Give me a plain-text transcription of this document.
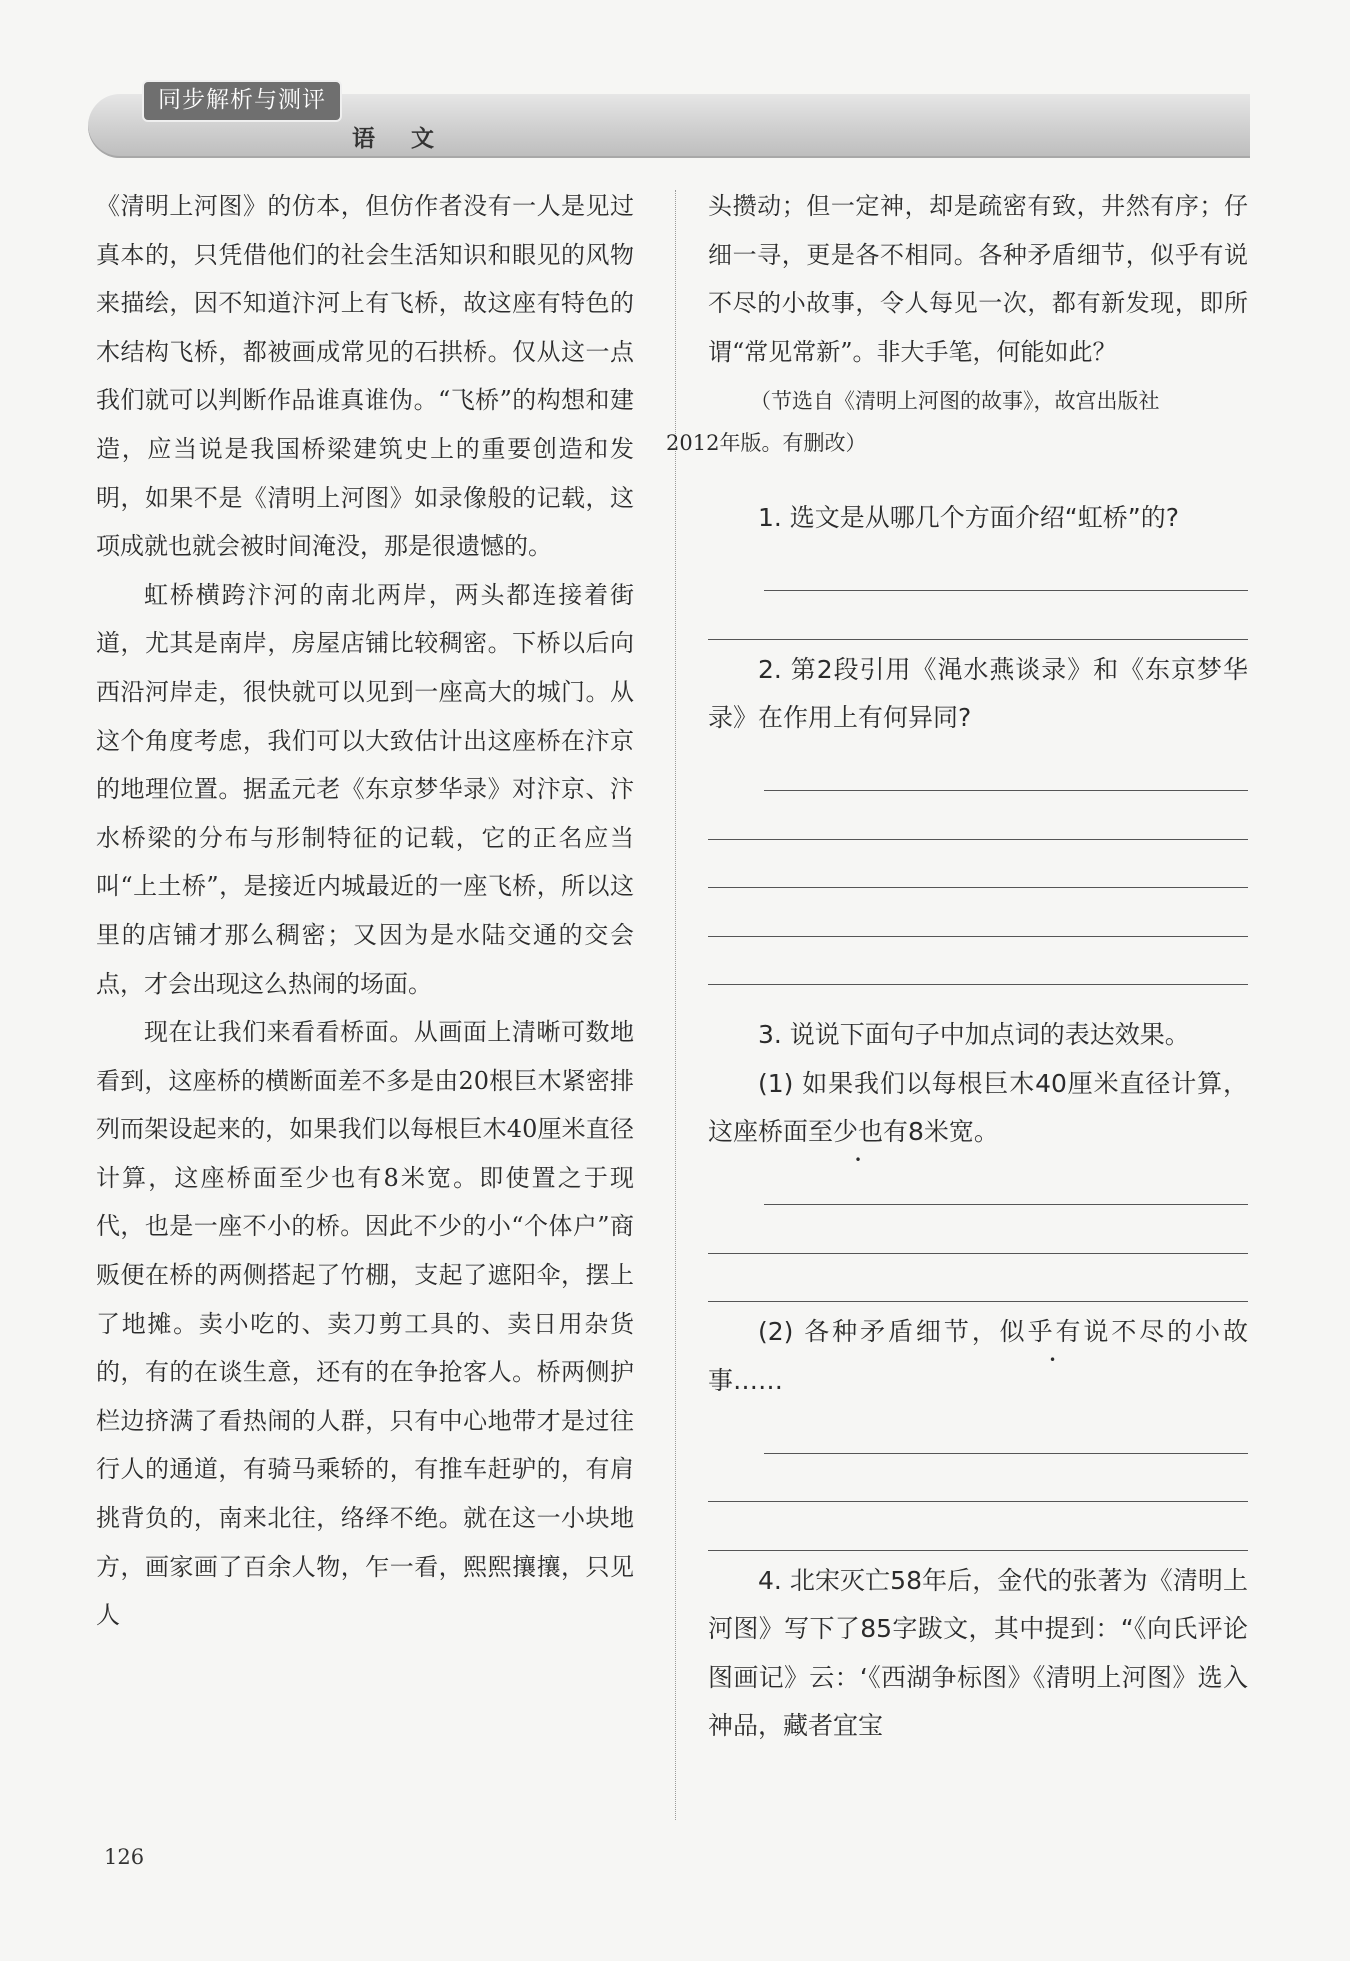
同步解析与测评
语 文

《清明上河图》的仿本，但仿作者没有一人是见过真本的，只凭借他们的社会生活知识和眼见的风物来描绘，因不知道汴河上有飞桥，故这座有特色的木结构飞桥，都被画成常见的石拱桥。仅从这一点我们就可以判断作品谁真谁伪。“飞桥”的构想和建造，应当说是我国桥梁建筑史上的重要创造和发明，如果不是《清明上河图》如录像般的记载，这项成就也就会被时间淹没，那是很遗憾的。

虹桥横跨汴河的南北两岸，两头都连接着街道，尤其是南岸，房屋店铺比较稠密。下桥以后向西沿河岸走，很快就可以见到一座高大的城门。从这个角度考虑，我们可以大致估计出这座桥在汴京的地理位置。据孟元老《东京梦华录》对汴京、汴水桥梁的分布与形制特征的记载，它的正名应当叫“上土桥”，是接近内城最近的一座飞桥，所以这里的店铺才那么稠密；又因为是水陆交通的交会点，才会出现这么热闹的场面。

现在让我们来看看桥面。从画面上清晰可数地看到，这座桥的横断面差不多是由20根巨木紧密排列而架设起来的，如果我们以每根巨木40厘米直径计算，这座桥面至少也有8米宽。即使置之于现代，也是一座不小的桥。因此不少的小“个体户”商贩便在桥的两侧搭起了竹棚，支起了遮阳伞，摆上了地摊。卖小吃的、卖刀剪工具的、卖日用杂货的，有的在谈生意，还有的在争抢客人。桥两侧护栏边挤满了看热闹的人群，只有中心地带才是过往行人的通道，有骑马乘轿的，有推车赶驴的，有肩挑背负的，南来北往，络绎不绝。就在这一小块地方，画家画了百余人物，乍一看，熙熙攘攘，只见人

头攒动；但一定神，却是疏密有致，井然有序；仔细一寻，更是各不相同。各种矛盾细节，似乎有说不尽的小故事，令人每见一次，都有新发现，即所谓“常见常新”。非大手笔，何能如此？

（节选自《清明上河图的故事》，故宫出版社
2012年版。有删改）

1. 选文是从哪几个方面介绍“虹桥”的?

2. 第2段引用《渑水燕谈录》和《东京梦华录》在作用上有何异同?

3. 说说下面句子中加点词的表达效果。

(1) 如果我们以每根巨木40厘米直径计算，这座桥面至少也有8米宽。

(2) 各种矛盾细节，似乎有说不尽的小故事……

4. 北宋灭亡58年后，金代的张著为《清明上河图》写下了85字跋文，其中提到：“《向氏评论图画记》云：‘《西湖争标图》《清明上河图》选入神品，藏者宜宝

126
